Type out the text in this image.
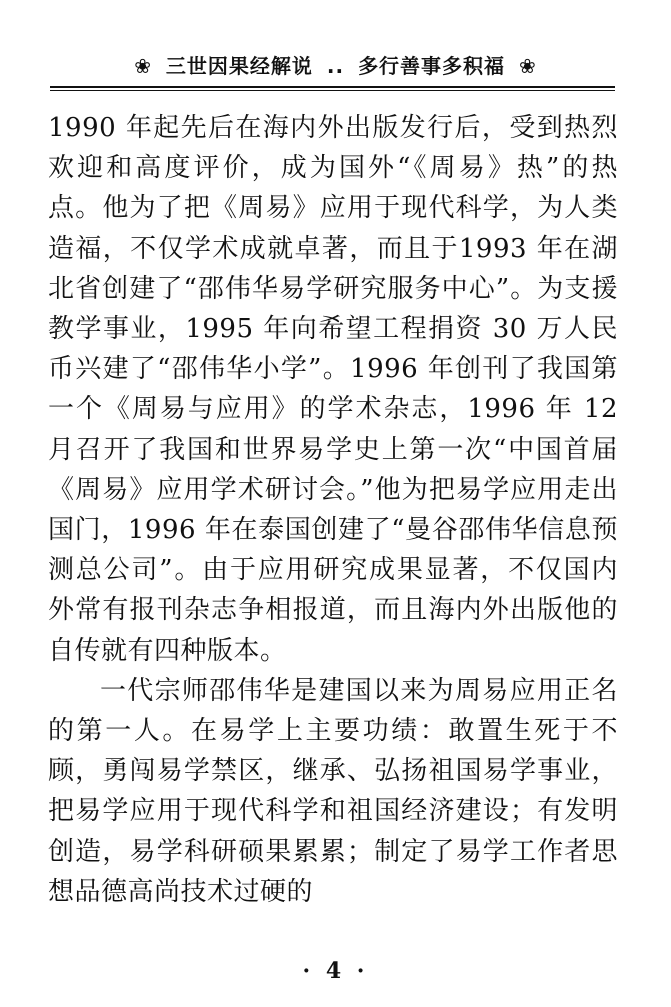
❀ 三世因果经解说 .. 多行善事多积福 ❀

1990 年起先后在海内外出版发行后，受到热烈欢迎和高度评价，成为国外“《周易》热”的热点。他为了把《周易》应用于现代科学，为人类造福，不仅学术成就卓著，而且于1993 年在湖北省创建了“邵伟华易学研究服务中心”。为支援教学事业，1995 年向希望工程捐资 30 万人民币兴建了“邵伟华小学”。1996 年创刊了我国第一个《周易与应用》的学术杂志，1996 年 12 月召开了我国和世界易学史上第一次“中国首届《周易》应用学术研讨会。”他为把易学应用走出国门，1996 年在泰国创建了“曼谷邵伟华信息预测总公司”。由于应用研究成果显著，不仅国内外常有报刊杂志争相报道，而且海内外出版他的自传就有四种版本。

一代宗师邵伟华是建国以来为周易应用正名的第一人。在易学上主要功绩：敢置生死于不顾，勇闯易学禁区，继承、弘扬祖国易学事业，把易学应用于现代科学和祖国经济建设；有发明创造，易学科研硕果累累；制定了易学工作者思想品德高尚技术过硬的

· 4 ·
